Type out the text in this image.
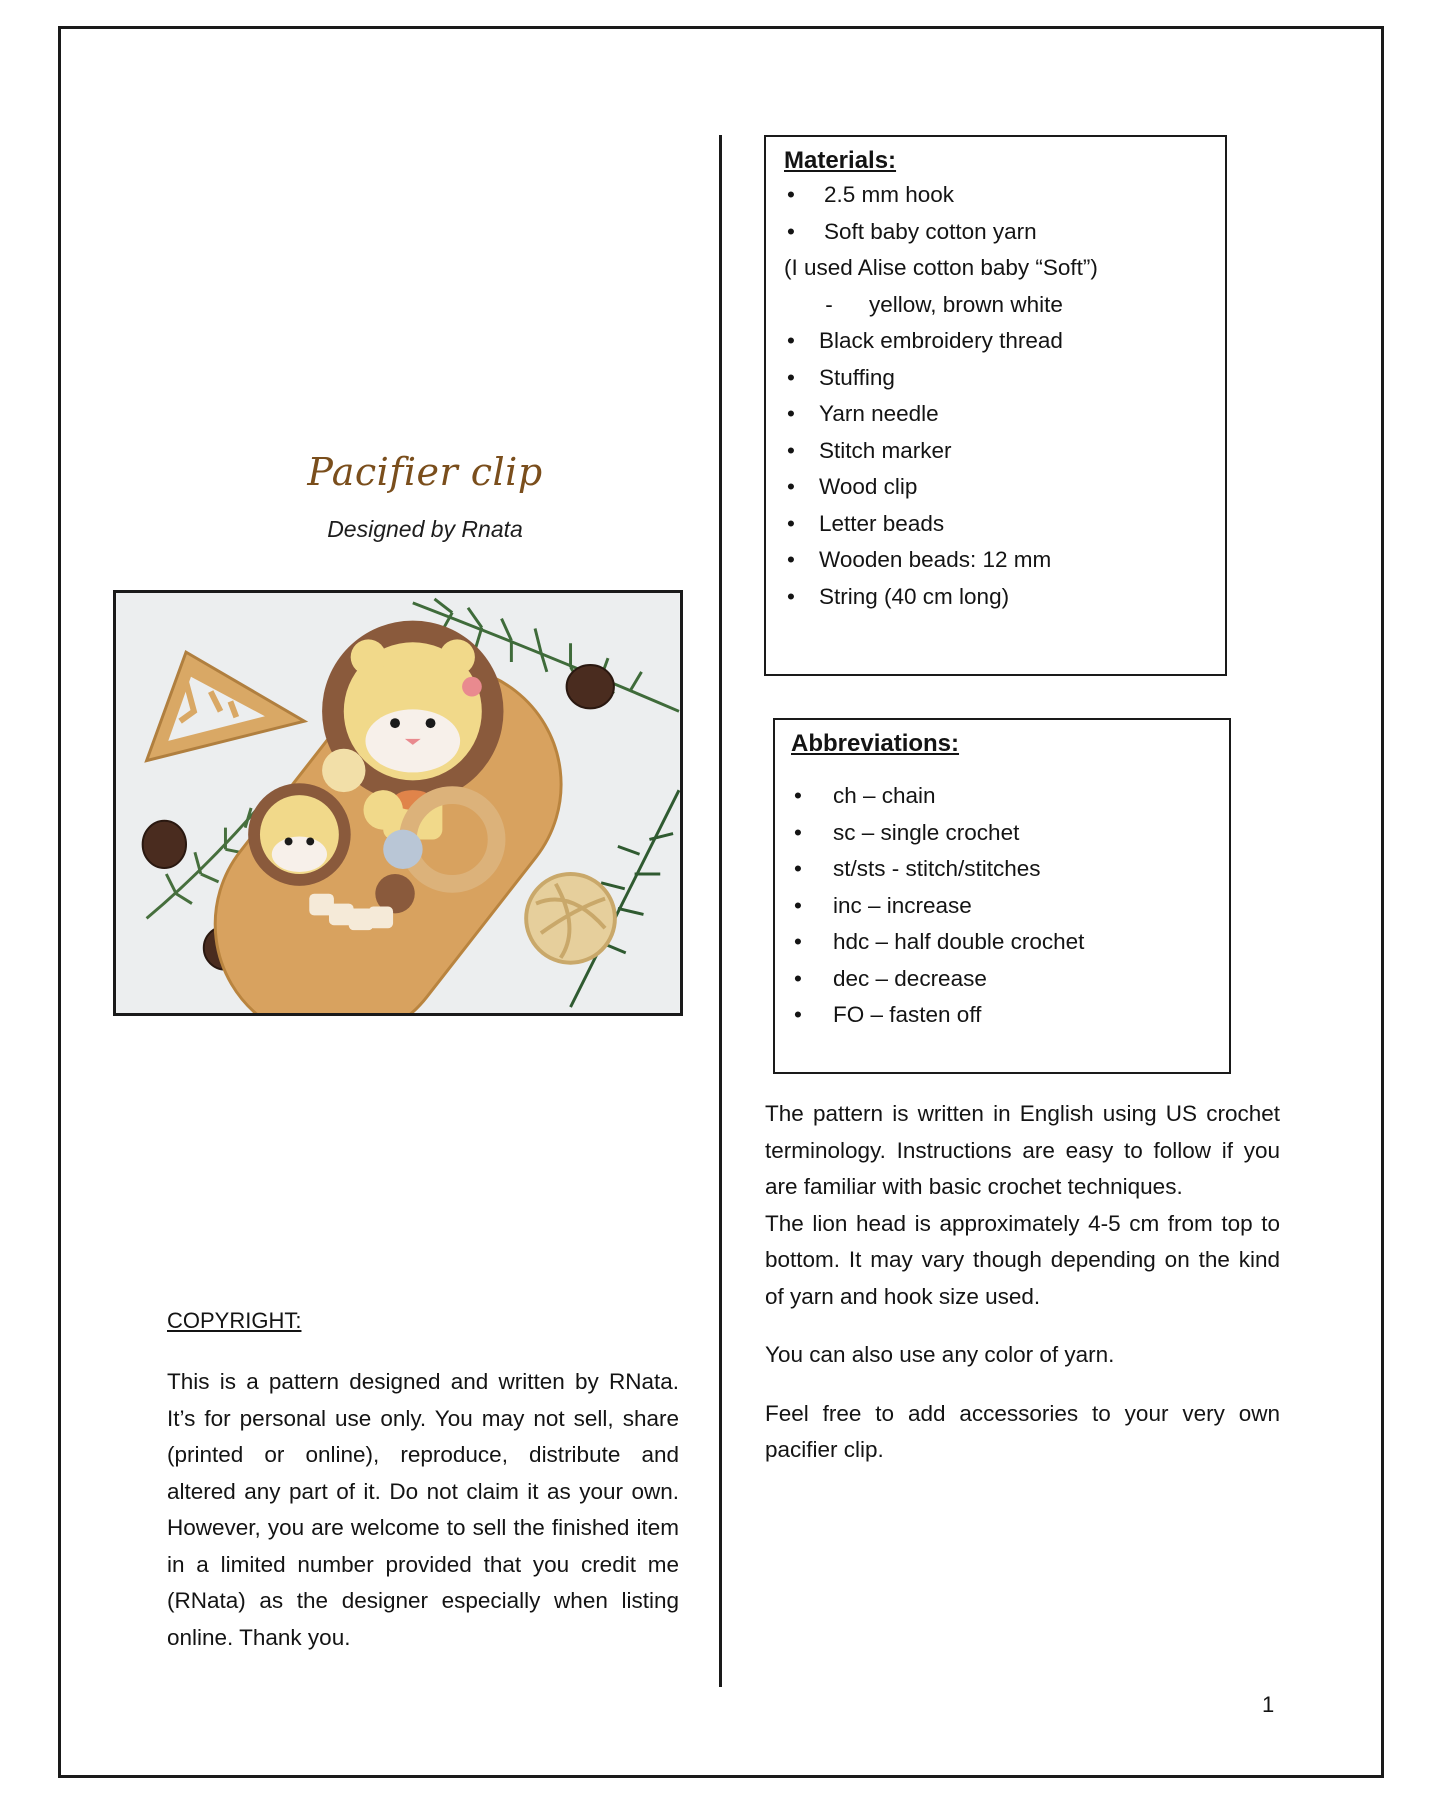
Pacifier clip
Designed by Rnata
COPYRIGHT:
This is a pattern designed and written by RNata. It’s for personal use only. You may not sell, share (printed or online), reproduce, distribute and altered any part of it. Do not claim it as your own. However, you are welcome to sell the finished item in a limited number provided that you credit me (RNata) as the designer especially when listing online. Thank you.
Materials:
• 2.5 mm hook
• Soft baby cotton yarn
(I used Alise cotton baby “Soft”)
- yellow, brown white
• Black embroidery thread
• Stuffing
• Yarn needle
• Stitch marker
• Wood clip
• Letter beads
• Wooden beads: 12 mm
• String (40 cm long)
Abbreviations:
• ch – chain
• sc – single crochet
• st/sts - stitch/stitches
• inc – increase
• hdc – half double crochet
• dec – decrease
• FO – fasten off

The pattern is written in English using US crochet terminology. Instructions are easy to follow if you are familiar with basic crochet techniques.

The lion head is approximately 4-5 cm from top to bottom. It may vary though depending on the kind of yarn and hook size used.

You can also use any color of yarn.

Feel free to add accessories to your very own pacifier clip.

1
